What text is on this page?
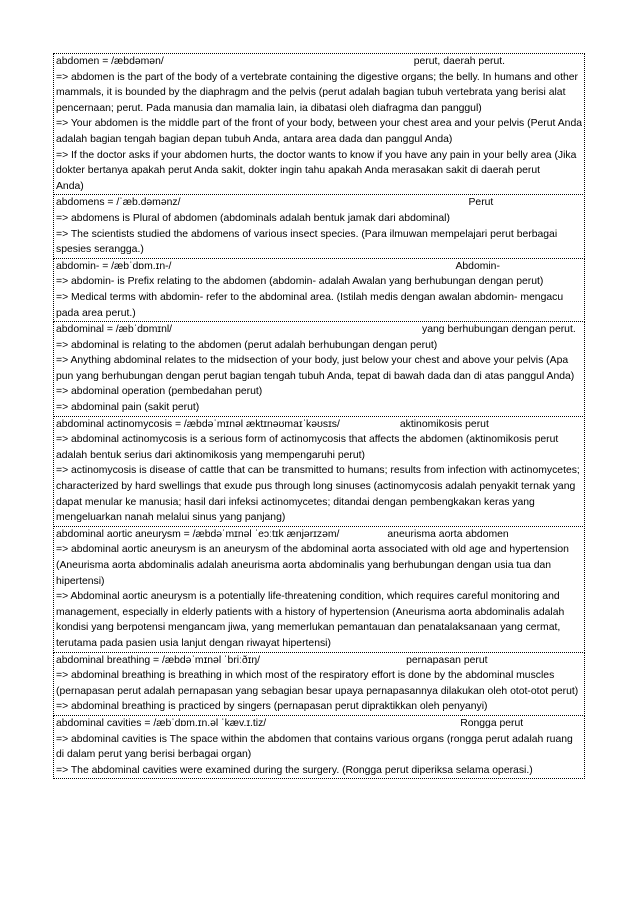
abdomen = /æbdəmən/	perut, daerah perut.
=> abdomen is the part of the body of a vertebrate containing the digestive organs; the belly. In humans and other mammals, it is bounded by the diaphragm and the pelvis (perut adalah bagian tubuh vertebrata yang berisi alat pencernaan; perut. Pada manusia dan mamalia lain, ia dibatasi oleh diafragma dan panggul)
=> Your abdomen is the middle part of the front of your body, between your chest area and your pelvis (Perut Anda adalah bagian tengah bagian depan tubuh Anda, antara area dada dan panggul Anda)
=> If the doctor asks if your abdomen hurts, the doctor wants to know if you have any pain in your belly area (Jika dokter bertanya apakah perut Anda sakit, dokter ingin tahu apakah Anda merasakan sakit di daerah perut
Anda)
abdomens = /ˈæb.dəmənz/	Perut
=> abdomens is Plural of abdomen (abdominals adalah bentuk jamak dari abdominal)
=> The scientists studied the abdomens of various insect species. (Para ilmuwan mempelajari perut berbagai spesies serangga.)
abdomin- = /æbˈdɒm.ɪn-/	Abdomin-
=> abdomin- is Prefix relating to the abdomen (abdomin- adalah Awalan yang berhubungan dengan perut)
=> Medical terms with abdomin- refer to the abdominal area. (Istilah medis dengan awalan abdomin- mengacu pada area perut.)
abdominal = /æbˈdɒmɪnl/	yang berhubungan dengan perut.
=> abdominal is relating to the abdomen (perut adalah berhubungan dengan perut)
=> Anything abdominal relates to the midsection of your body, just below your chest and above your pelvis (Apa pun yang berhubungan dengan perut bagian tengah tubuh Anda, tepat di bawah dada dan di atas panggul Anda)
=> abdominal operation (pembedahan perut)
=> abdominal pain (sakit perut)
abdominal actinomycosis = /æbdəˈmɪnəl æktɪnəʊmaɪˈkəʊsɪs/	aktinomikosis perut
=> abdominal actinomycosis is a serious form of actinomycosis that affects the abdomen (aktinomikosis perut adalah bentuk serius dari aktinomikosis yang mempengaruhi perut)
=> actinomycosis is disease of cattle that can be transmitted to humans; results from infection with actinomycetes; characterized by hard swellings that exude pus through long sinuses (actinomycosis adalah penyakit ternak yang dapat menular ke manusia; hasil dari infeksi actinomycetes; ditandai dengan pembengkakan keras yang mengeluarkan nanah melalui sinus yang panjang)
abdominal aortic aneurysm = /æbdəˈmɪnəl ˈeɔːtɪk ænjərɪzəm/	aneurisma aorta abdomen
=> abdominal aortic aneurysm is an aneurysm of the abdominal aorta associated with old age and hypertension (Aneurisma aorta abdominalis adalah aneurisma aorta abdominalis yang berhubungan dengan usia tua dan hipertensi)
=> Abdominal aortic aneurysm is a potentially life-threatening condition, which requires careful monitoring and management, especially in elderly patients with a history of hypertension (Aneurisma aorta abdominalis adalah kondisi yang berpotensi mengancam jiwa, yang memerlukan pemantauan dan penatalaksanaan yang cermat, terutama pada pasien usia lanjut dengan riwayat hipertensi)
abdominal breathing = /æbdəˈmɪnəl ˈbriːðɪŋ/	pernapasan perut
=> abdominal breathing is breathing in which most of the respiratory effort is done by the abdominal muscles (pernapasan perut adalah pernapasan yang sebagian besar upaya pernapasannya dilakukan oleh otot-otot perut)
=> abdominal breathing is practiced by singers (pernapasan perut dipraktikkan oleh penyanyi)
abdominal cavities = /æbˈdɒm.ɪn.əl ˈkæv.ɪ.tiz/	Rongga perut
=> abdominal cavities is The space within the abdomen that contains various organs (rongga perut adalah ruang di dalam perut yang berisi berbagai organ)
=> The abdominal cavities were examined during the surgery. (Rongga perut diperiksa selama operasi.)
